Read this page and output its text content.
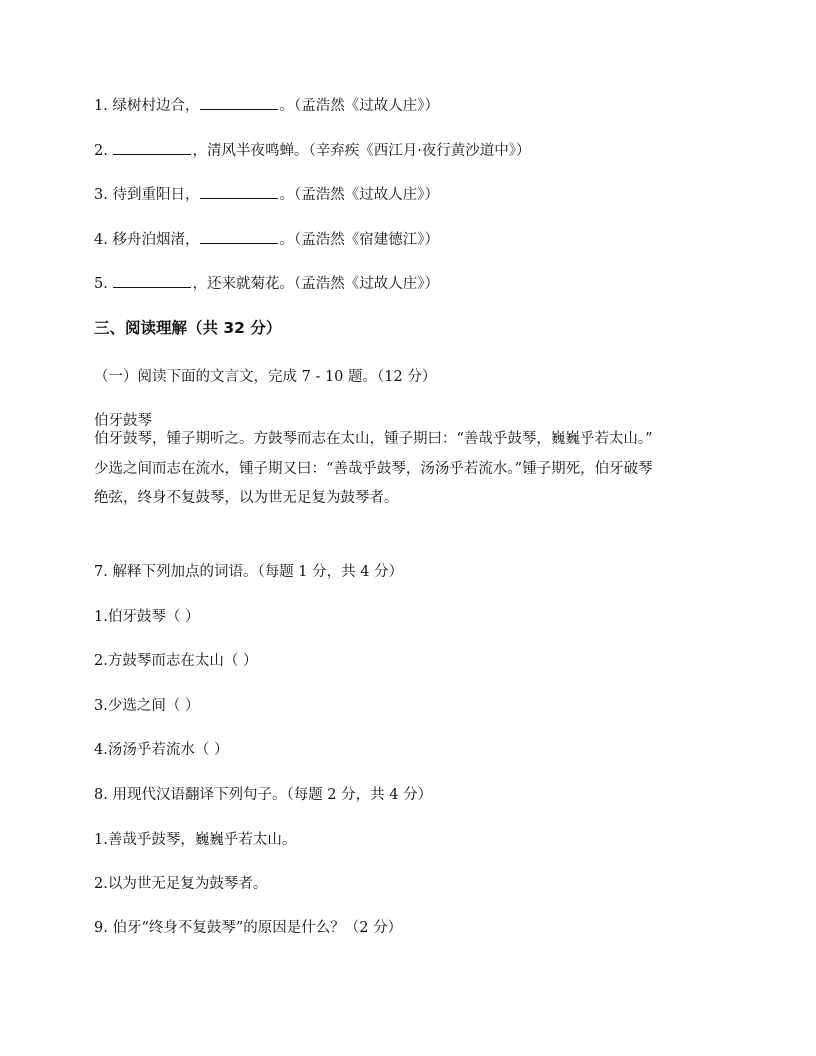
1. 绿树村边合，	。（孟浩然《过故人庄》）
2.	，清风半夜鸣蝉。（辛弃疾《西江月·夜行黄沙道中》）
3. 待到重阳日，	。（孟浩然《过故人庄》）
4. 移舟泊烟渚，	。（孟浩然《宿建德江》）
5.	，还来就菊花。（孟浩然《过故人庄》）
三、阅读理解（共 32 分）
（一）阅读下面的文言文，完成 7 - 10 题。（12 分）
伯牙鼓琴
伯牙鼓琴，锺子期听之。方鼓琴而志在太山，锺子期曰：“善哉乎鼓琴，巍巍乎若太山。”
少选之间而志在流水，锺子期又曰：“善哉乎鼓琴，汤汤乎若流水。”锺子期死，伯牙破琴
绝弦，终身不复鼓琴，以为世无足复为鼓琴者。
7. 解释下列加点的词语。（每题 1 分，共 4 分）
1.伯牙鼓琴（ ）
2.方鼓琴而志在太山（ ）
3.少选之间（ ）
4.汤汤乎若流水（ ）
8. 用现代汉语翻译下列句子。（每题 2 分，共 4 分）
1.善哉乎鼓琴，巍巍乎若太山。
2.以为世无足复为鼓琴者。
9. 伯牙“终身不复鼓琴”的原因是什么？（2 分）
